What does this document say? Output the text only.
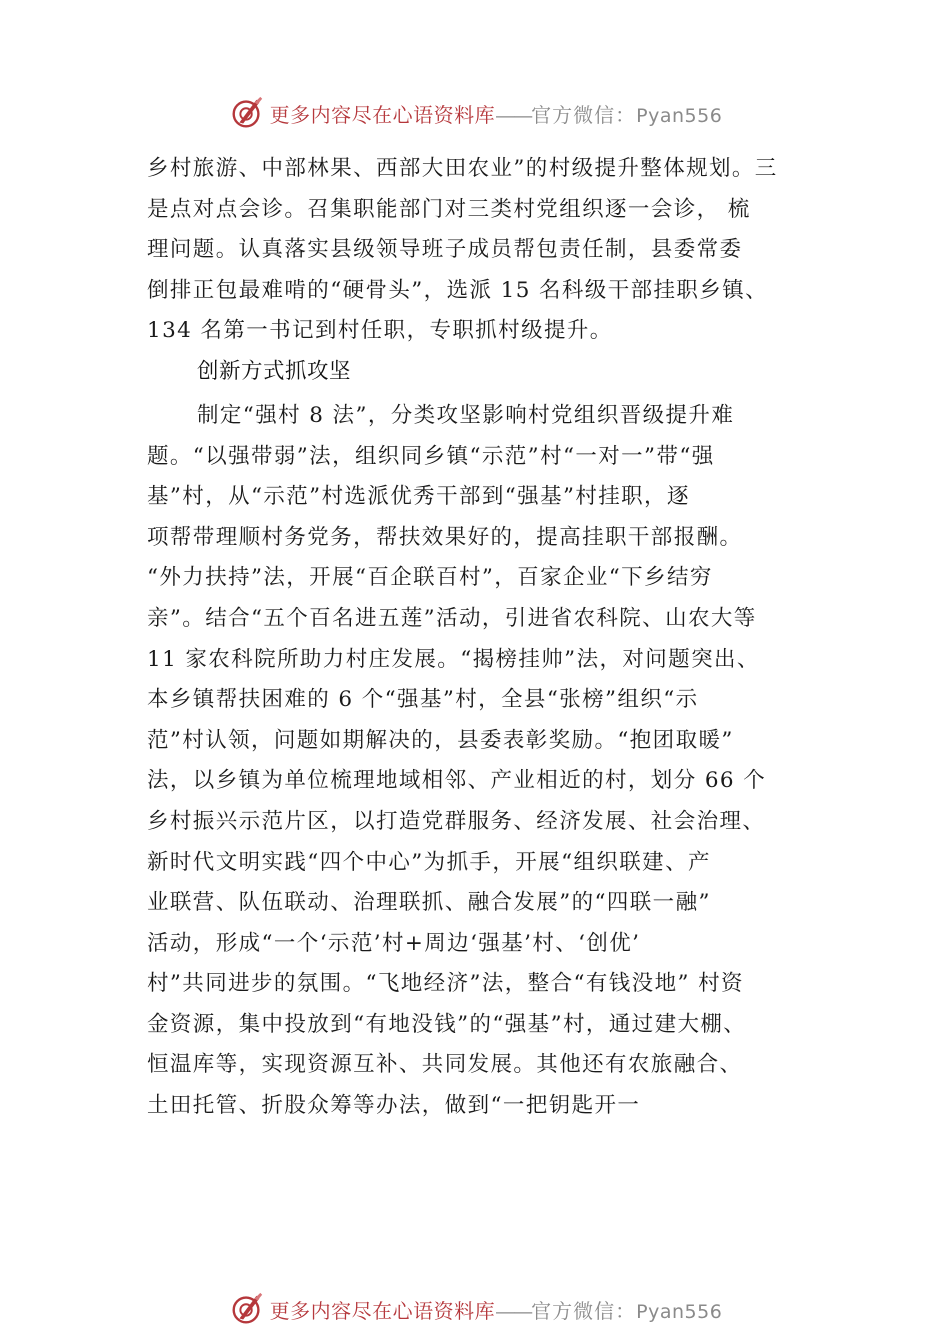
更多内容尽在心语资料库——官方微信：Pyan556
乡村旅游、中部林果、西部大田农业”的村级提升整体规划。三
是点对点会诊。召集职能部门对三类村党组织逐一会诊， 梳
理问题。认真落实县级领导班子成员帮包责任制，县委常委
倒排正包最难啃的“硬骨头”，选派 15 名科级干部挂职乡镇、
134 名第一书记到村任职，专职抓村级提升。
创新方式抓攻坚
制定“强村 8 法”，分类攻坚影响村党组织晋级提升难
题。“以强带弱”法，组织同乡镇“示范”村“一对一”带“强
基”村，从“示范”村选派优秀干部到“强基”村挂职，逐
项帮带理顺村务党务，帮扶效果好的，提高挂职干部报酬。
“外力扶持”法，开展“百企联百村”，百家企业“下乡结穷
亲”。结合“五个百名进五莲”活动，引进省农科院、山农大等
11 家农科院所助力村庄发展。“揭榜挂帅”法，对问题突出、
本乡镇帮扶困难的 6 个“强基”村，全县“张榜”组织“示
范”村认领，问题如期解决的，县委表彰奖励。“抱团取暖”
法，以乡镇为单位梳理地域相邻、产业相近的村，划分 66 个
乡村振兴示范片区，以打造党群服务、经济发展、社会治理、
新时代文明实践“四个中心”为抓手，开展“组织联建、产
业联营、队伍联动、治理联抓、融合发展”的“四联一融”
活动，形成“一个‘示范’村+周边‘强基’村、‘创优’
村”共同进步的氛围。“飞地经济”法，整合“有钱没地” 村资
金资源，集中投放到“有地没钱”的“强基”村，通过建大棚、
恒温库等，实现资源互补、共同发展。其他还有农旅融合、
土田托管、折股众筹等办法，做到“一把钥匙开一
更多内容尽在心语资料库——官方微信：Pyan556
